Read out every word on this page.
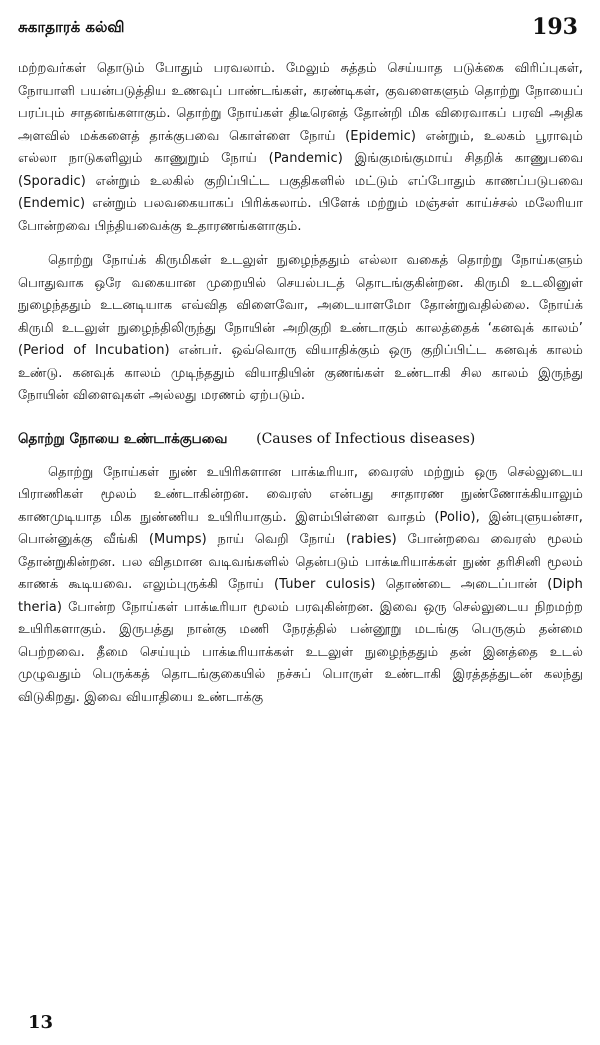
சுகாதாரக் கல்வி	193

மற்றவர்கள் தொடும் போதும் பரவலாம். மேலும் சுத்தம் செய்யாத படுக்கை விரிப்புகள், நோயாளி பயன்படுத்திய உணவுப் பாண்டங்கள், கரண்டிகள், குவளைகளும் தொற்று நோயைப் பரப்பும் சாதனங்களாகும். தொற்று நோய்கள் திடீரெனத் தோன்றி மிக விரைவாகப் பரவி அதிக அளவில் மக்களைத் தாக்குபவை கொள்ளை நோய் (Epidemic) என்றும், உலகம் பூராவும் எல்லா நாடுகளிலும் காணுறும் நோய் (Pandemic) இங்குமங்குமாய் சிதறிக் காணுபவை (Sporadic) என்றும் உலகில் குறிப்பிட்ட பகுதிகளில் மட்டும் எப்போதும் காணப்படுபவை (Endemic) என்றும் பலவகையாகப் பிரிக்கலாம். பிளேக் மற்றும் மஞ்சள் காய்ச்சல் மலேரியா போன்றவை பிந்தியவைக்கு உதாரணங்களாகும்.

தொற்று நோய்க் கிருமிகள் உடலுள் நுழைந்ததும் எல்லா வகைத் தொற்று நோய்களும் பொதுவாக ஒரே வகையான முறையில் செயல்படத் தொடங்குகின்றன. கிருமி உடலினுள் நுழைந்ததும் உடனடியாக எவ்வித விளைவோ, அடையாளமோ தோன்றுவதில்லை. நோய்க் கிருமி உடலுள் நுழைந்திலிருந்து நோயின் அறிகுறி உண்டாகும் காலத்தைக் ‘கனவுக் காலம்’ (Period of Incubation) என்பர். ஒவ்வொரு வியாதிக்கும் ஒரு குறிப்பிட்ட கனவுக் காலம் உண்டு. கனவுக் காலம் முடிந்ததும் வியாதியின் குணங்கள் உண்டாகி சில காலம் இருந்து நோயின் விளைவுகள் அல்லது மரணம் ஏற்படும்.

தொற்று நோயை உண்டாக்குபவை (Causes of Infectious diseases)

தொற்று நோய்கள் நுண் உயிரிகளான பாக்டீரியா, வைரஸ் மற்றும் ஒரு செல்லுடைய பிராணிகள் மூலம் உண்டாகின்றன. வைரஸ் என்பது சாதாரண நுண்ணோக்கியாலும் காணமுடியாத மிக நுண்ணிய உயிரியாகும். இளம்பிள்ளை வாதம் (Polio), இன்புளுயன்சா, பொன்னுக்கு வீங்கி (Mumps) நாய் வெறி நோய் (rabies) போன்றவை வைரஸ் மூலம் தோன்றுகின்றன. பல விதமான வடிவங்களில் தென்படும் பாக்டீரியாக்கள் நுண் தரிசினி மூலம் காணக் கூடியவை. எலும்புருக்கி நோய் (Tuber culosis) தொண்டை அடைப்பான் (Diph theria) போன்ற நோய்கள் பாக்டீரியா மூலம் பரவுகின்றன. இவை ஒரு செல்லுடைய நிறமற்ற உயிரிகளாகும். இருபத்து நான்கு மணி நேரத்தில் பன்னூறு மடங்கு பெருகும் தன்மை பெற்றவை. தீமை செய்யும் பாக்டீரியாக்கள் உடலுள் நுழைந்ததும் தன் இனத்தை உடல் முழுவதும் பெருக்கத் தொடங்குகையில் நச்சுப் பொருள் உண்டாகி இரத்தத்துடன் கலந்து விடுகிறது. இவை வியாதியை உண்டாக்கு

13
